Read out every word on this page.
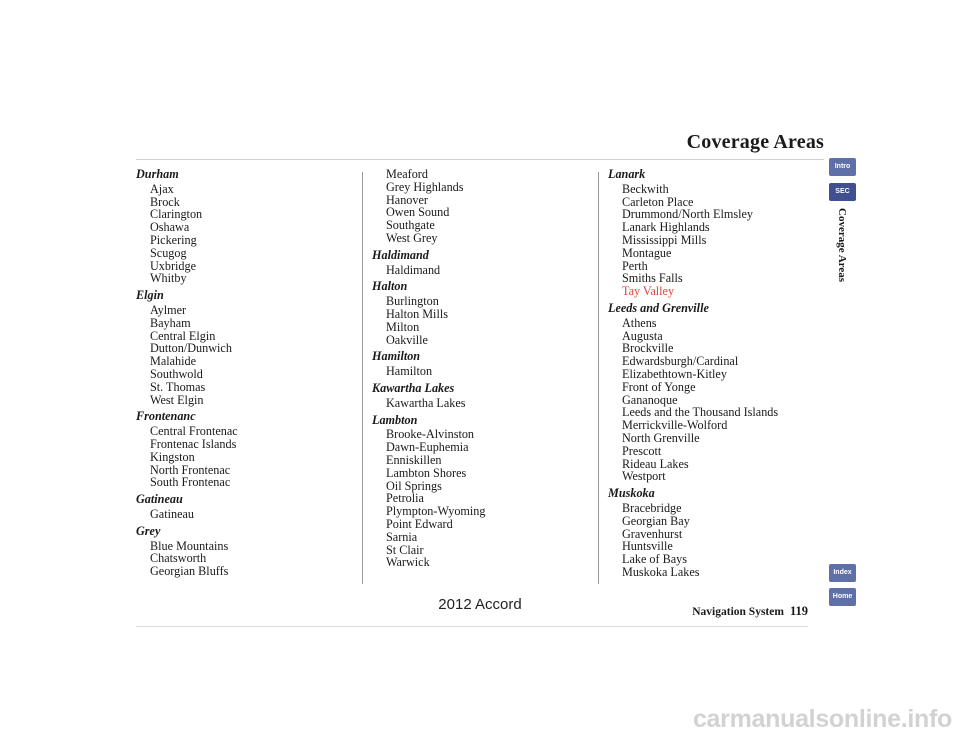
Coverage Areas
Durham
Ajax
Brock
Clarington
Oshawa
Pickering
Scugog
Uxbridge
Whitby
Elgin
Aylmer
Bayham
Central Elgin
Dutton/Dunwich
Malahide
Southwold
St. Thomas
West Elgin
Frontenanc
Central Frontenac
Frontenac Islands
Kingston
North Frontenac
South Frontenac
Gatineau
Gatineau
Grey
Blue Mountains
Chatsworth
Georgian Bluffs
Meaford
Grey Highlands
Hanover
Owen Sound
Southgate
West Grey
Haldimand
Haldimand
Halton
Burlington
Halton Mills
Milton
Oakville
Hamilton
Hamilton
Kawartha Lakes
Kawartha Lakes
Lambton
Brooke-Alvinston
Dawn-Euphemia
Enniskillen
Lambton Shores
Oil Springs
Petrolia
Plympton-Wyoming
Point Edward
Sarnia
St Clair
Warwick
Lanark
Beckwith
Carleton Place
Drummond/North Elmsley
Lanark Highlands
Mississippi Mills
Montague
Perth
Smiths Falls
Tay Valley
Leeds and Grenville
Athens
Augusta
Brockville
Edwardsburgh/Cardinal
Elizabethtown-Kitley
Front of Yonge
Gananoque
Leeds and the Thousand Islands
Merrickville-Wolford
North Grenville
Prescott
Rideau Lakes
Westport
Muskoka
Bracebridge
Georgian Bay
Gravenhurst
Huntsville
Lake of Bays
Muskoka Lakes
Intro
SEC
Coverage Areas
Index
Home
Navigation System 119
2012 Accord
carmanualsonline.info
